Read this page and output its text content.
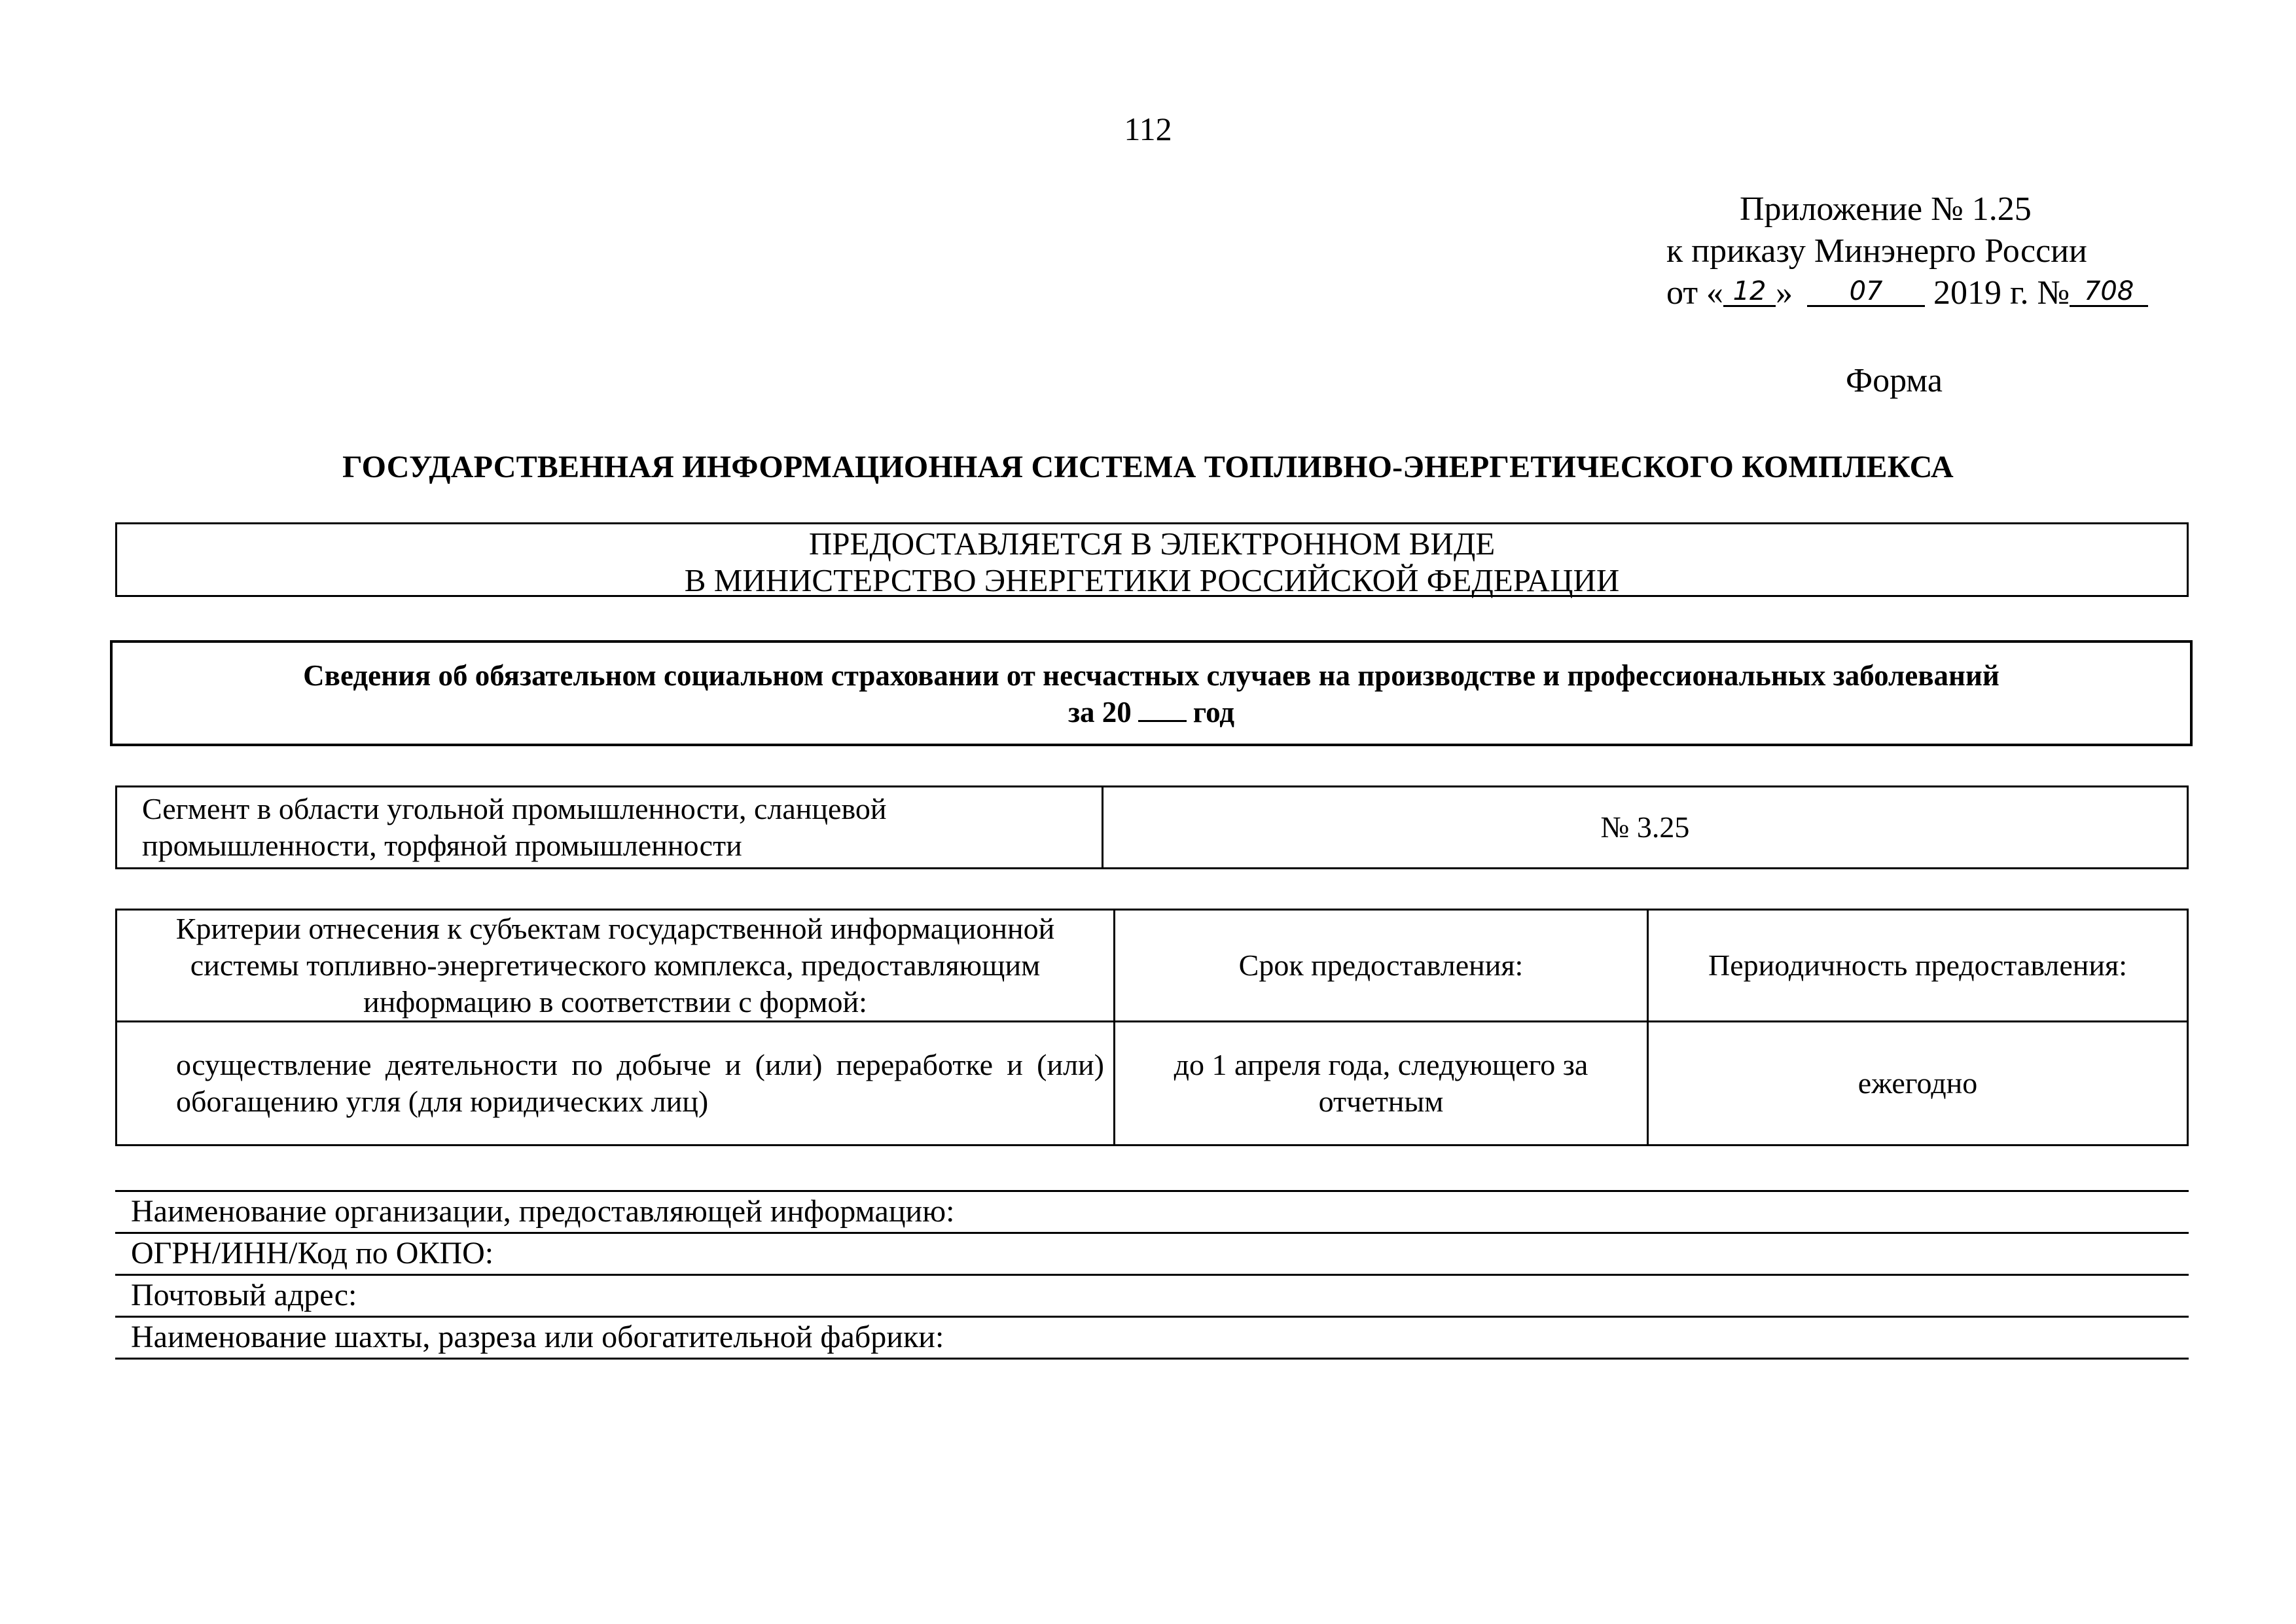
112
Приложение № 1.25
к приказу Минэнерго России
от « 12 » 07 2019 г. № 708
Форма
ГОСУДАРСТВЕННАЯ ИНФОРМАЦИОННАЯ СИСТЕМА ТОПЛИВНО-ЭНЕРГЕТИЧЕСКОГО КОМПЛЕКСА
ПРЕДОСТАВЛЯЕТСЯ В ЭЛЕКТРОННОМ ВИДЕ
В МИНИСТЕРСТВО ЭНЕРГЕТИКИ РОССИЙСКОЙ ФЕДЕРАЦИИ
Сведения об обязательном социальном страховании от несчастных случаев на производстве и профессиональных заболеваний
за 20 год
Сегмент в области угольной промышленности, сланцевой промышленности, торфяной промышленности	№ 3.25
Критерии отнесения к субъектам государственной информационной системы топливно-энергетического комплекса, предоставляющим информацию в соответствии с формой:	Срок предоставления:	Периодичность предоставления:

осуществление деятельности по добыче и (или) переработке и (или) обогащению угля (для юридических лиц)	до 1 апреля года, следующего за отчетным	ежегодно
Наименование организации, предоставляющей информацию:
ОГРН/ИНН/Код по ОКПО:
Почтовый адрес:
Наименование шахты, разреза или обогатительной фабрики:
